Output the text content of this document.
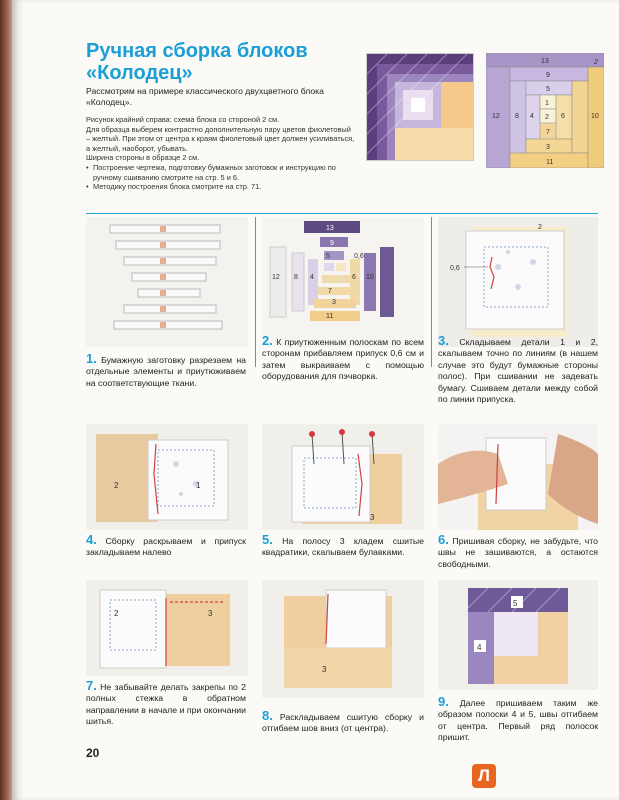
Ручная сборка блоков
«Колодец»

Рассмотрим на примере классического двухцветного блока «Колодец».

Рисунок крайний справа: схема блока со стороной 2 см.

Для образца выберем контрастно дополнительную пару цветов фиолетовый – желтый. При этом от центра к краям фиолетовый цвет должен усиливаться, а желтый, наоборот, убывать.

Ширина стороны в образце 2 см.

• Построение чертежа, подготовку бумажных заготовок и инструкцию по ручному сшиванию смотрите на стр. 5 и 6.
• Методику построения блока смотрите на стр. 71.
13	2
9
5
1
2
12 8 4	6	10
3
7
11
13
9
5	0,6
12 8 4	6 10
3
7
11
0,6
2
1. Бумажную заготовку разрезаем на отдельные элементы и приутюживаем на соответствующие ткани.
2. К приутюженным полоскам по всем сторонам прибавляем припуск 0,6 см и затем выкраиваем с помощью оборудования для пэчворка.
3. Складываем детали 1 и 2, скалываем точно по линиям (в нашем случае это будут бумажные стороны полос). При сшивании не задевать бумагу. Сшиваем детали между собой по линии припуска.
2	1
3
4. Сборку раскрываем и припуск закладываем налево
5. На полосу 3 кладем сшитые квадратики, скалываем булавками.
6. Пришивая сборку, не забудьте, что швы не зашиваются, а остаются свободными.
2	3
3
5
4
7. Не забывайте делать закрепы по 2 полных стежка в обратном направлении в начале и при окончании шитья.	8. Раскладываем сшитую сборку и отгибаем шов вниз (от центра).
9. Далее пришиваем таким же образом полоски 4 и 5, швы отгибаем от центра. Первый ряд полосок пришит.
20
Л
